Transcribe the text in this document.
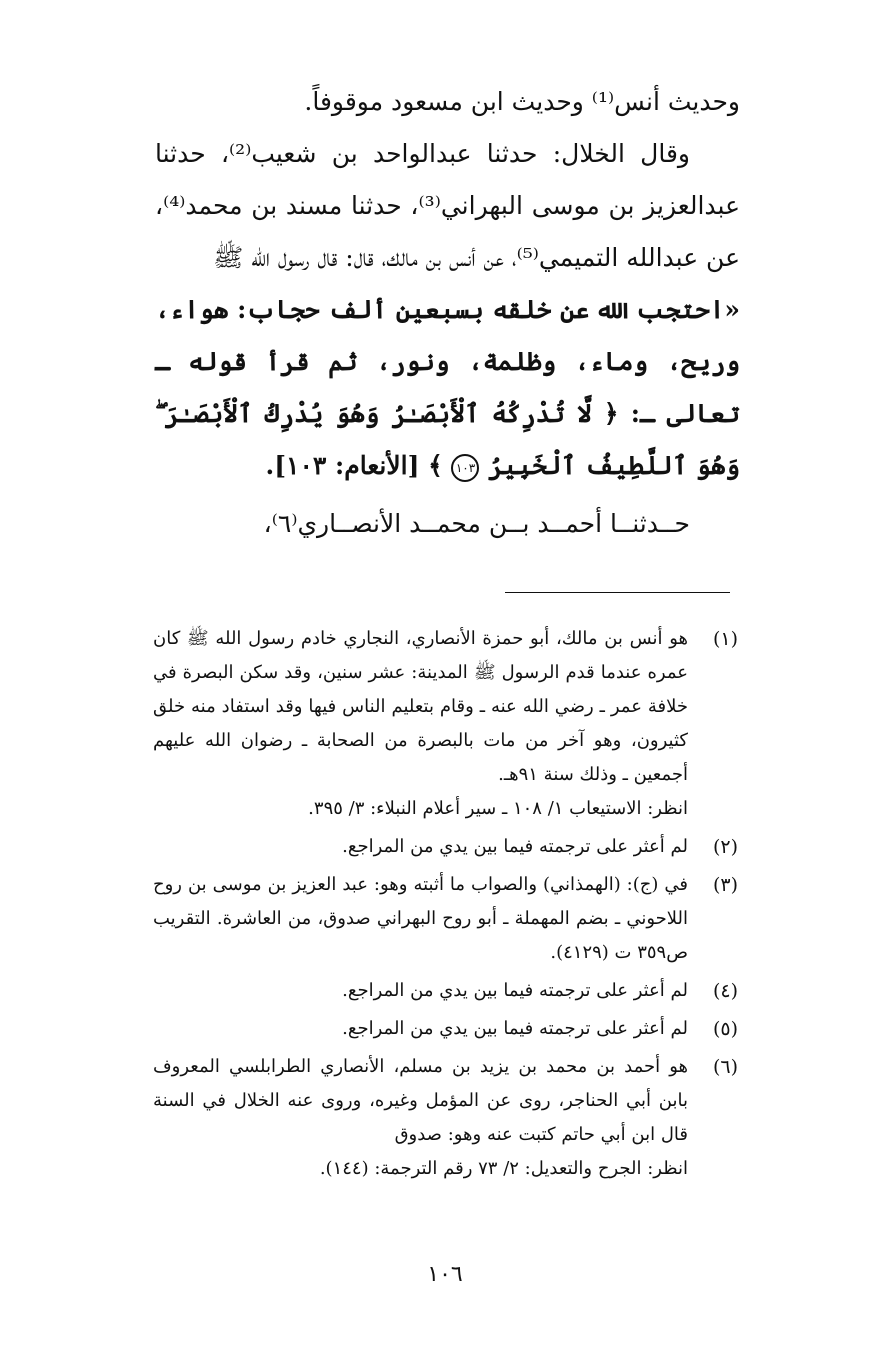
وحديث أنس⁽¹⁾ وحديث ابن مسعود موقوفاً.

وقال الخلال: حدثنا عبدالواحد بن شعيب⁽²⁾، حدثنا عبدالعزيز بن موسى البهراني⁽³⁾، حدثنا مسند بن محمد⁽⁴⁾، عن عبدالله التميمي⁽⁵⁾، عن أنس بن مالك، قال: قال رسول الله ﷺ

«احتجب الله عن خلقه بسبعين ألف حجاب: هواء، وريح، وماء، وظلمة، ونور، ثم قرأ قوله ـ تعالى ـ: ﴿ لَّا تُدْرِكُهُ ٱلْأَبْصَـٰرُ وَهُوَ يُدْرِكُ ٱلْأَبْصَـٰرَ ۖ وَهُوَ ٱللَّطِيفُ ٱلْخَبِيرُ ١٠٣ ﴾ [الأنعام: ١٠٣].

حــدثنــا أحمــد بــن محمــد الأنصــاري⁽٦⁾،

(١)

هو أنس بن مالك، أبو حمزة الأنصاري، النجاري خادم رسول الله ﷺ كان عمره عندما قدم الرسول ﷺ المدينة: عشر سنين، وقد سكن البصرة في خلافة عمر ـ رضي الله عنه ـ وقام بتعليم الناس فيها وقد استفاد منه خلق كثيرون، وهو آخر من مات بالبصرة من الصحابة ـ رضوان الله عليهم أجمعين ـ وذلك سنة ٩١هـ.

انظر: الاستيعاب ١/ ١٠٨ ـ سير أعلام النبلاء: ٣/ ٣٩٥.

(٢)

لم أعثر على ترجمته فيما بين يدي من المراجع.

(٣)

في (ج): (الهمذاني) والصواب ما أثبته وهو: عبد العزيز بن موسى بن روح اللاحوني ـ بضم المهملة ـ أبو روح البهراني صدوق، من العاشرة. التقريب ص٣٥٩ ت (٤١٢٩).

(٤)

لم أعثر على ترجمته فيما بين يدي من المراجع.

(٥)

لم أعثر على ترجمته فيما بين يدي من المراجع.

(٦)

هو أحمد بن محمد بن يزيد بن مسلم، الأنصاري الطرابلسي المعروف بابن أبي الحناجر، روى عن المؤمل وغيره، وروى عنه الخلال في السنة قال ابن أبي حاتم كتبت عنه وهو: صدوق

انظر: الجرح والتعديل: ٢/ ٧٣ رقم الترجمة: (١٤٤).

١٠٦
